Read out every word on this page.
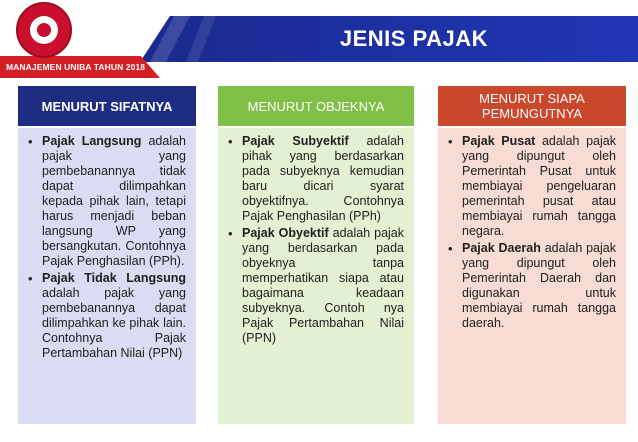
JENIS PAJAK
MANAJEMEN UNIBA TAHUN 2018
MENURUT SIFATNYA
• Pajak Langsung adalah pajak yang pembebanannya tidak dapat dilimpahkan kepada pihak lain, tetapi harus menjadi beban langsung WP yang bersangkutan. Contohnya Pajak Penghasilan (PPh).
• Pajak Tidak Langsung adalah pajak yang pembebanannya dapat dilimpahkan ke pihak lain. Contohnya Pajak Pertambahan Nilai (PPN)
MENURUT OBJEKNYA
• Pajak Subyektif adalah pihak yang berdasarkan pada subyeknya kemudian baru dicari syarat obyektifnya. Contohnya Pajak Penghasilan (PPh)
• Pajak Obyektif adalah pajak yang berdasarkan pada obyeknya tanpa memperhatikan siapa atau bagaimana keadaan subyeknya. Contoh nya Pajak Pertambahan Nilai (PPN)
MENURUT SIAPA PEMUNGUTNYA
• Pajak Pusat adalah pajak yang dipungut oleh Pemerintah Pusat untuk membiayai pengeluaran pemerintah pusat atau membiayai rumah tangga negara.
• Pajak Daerah adalah pajak yang dipungut oleh Pemerintah Daerah dan digunakan untuk membiayai rumah tangga daerah.
